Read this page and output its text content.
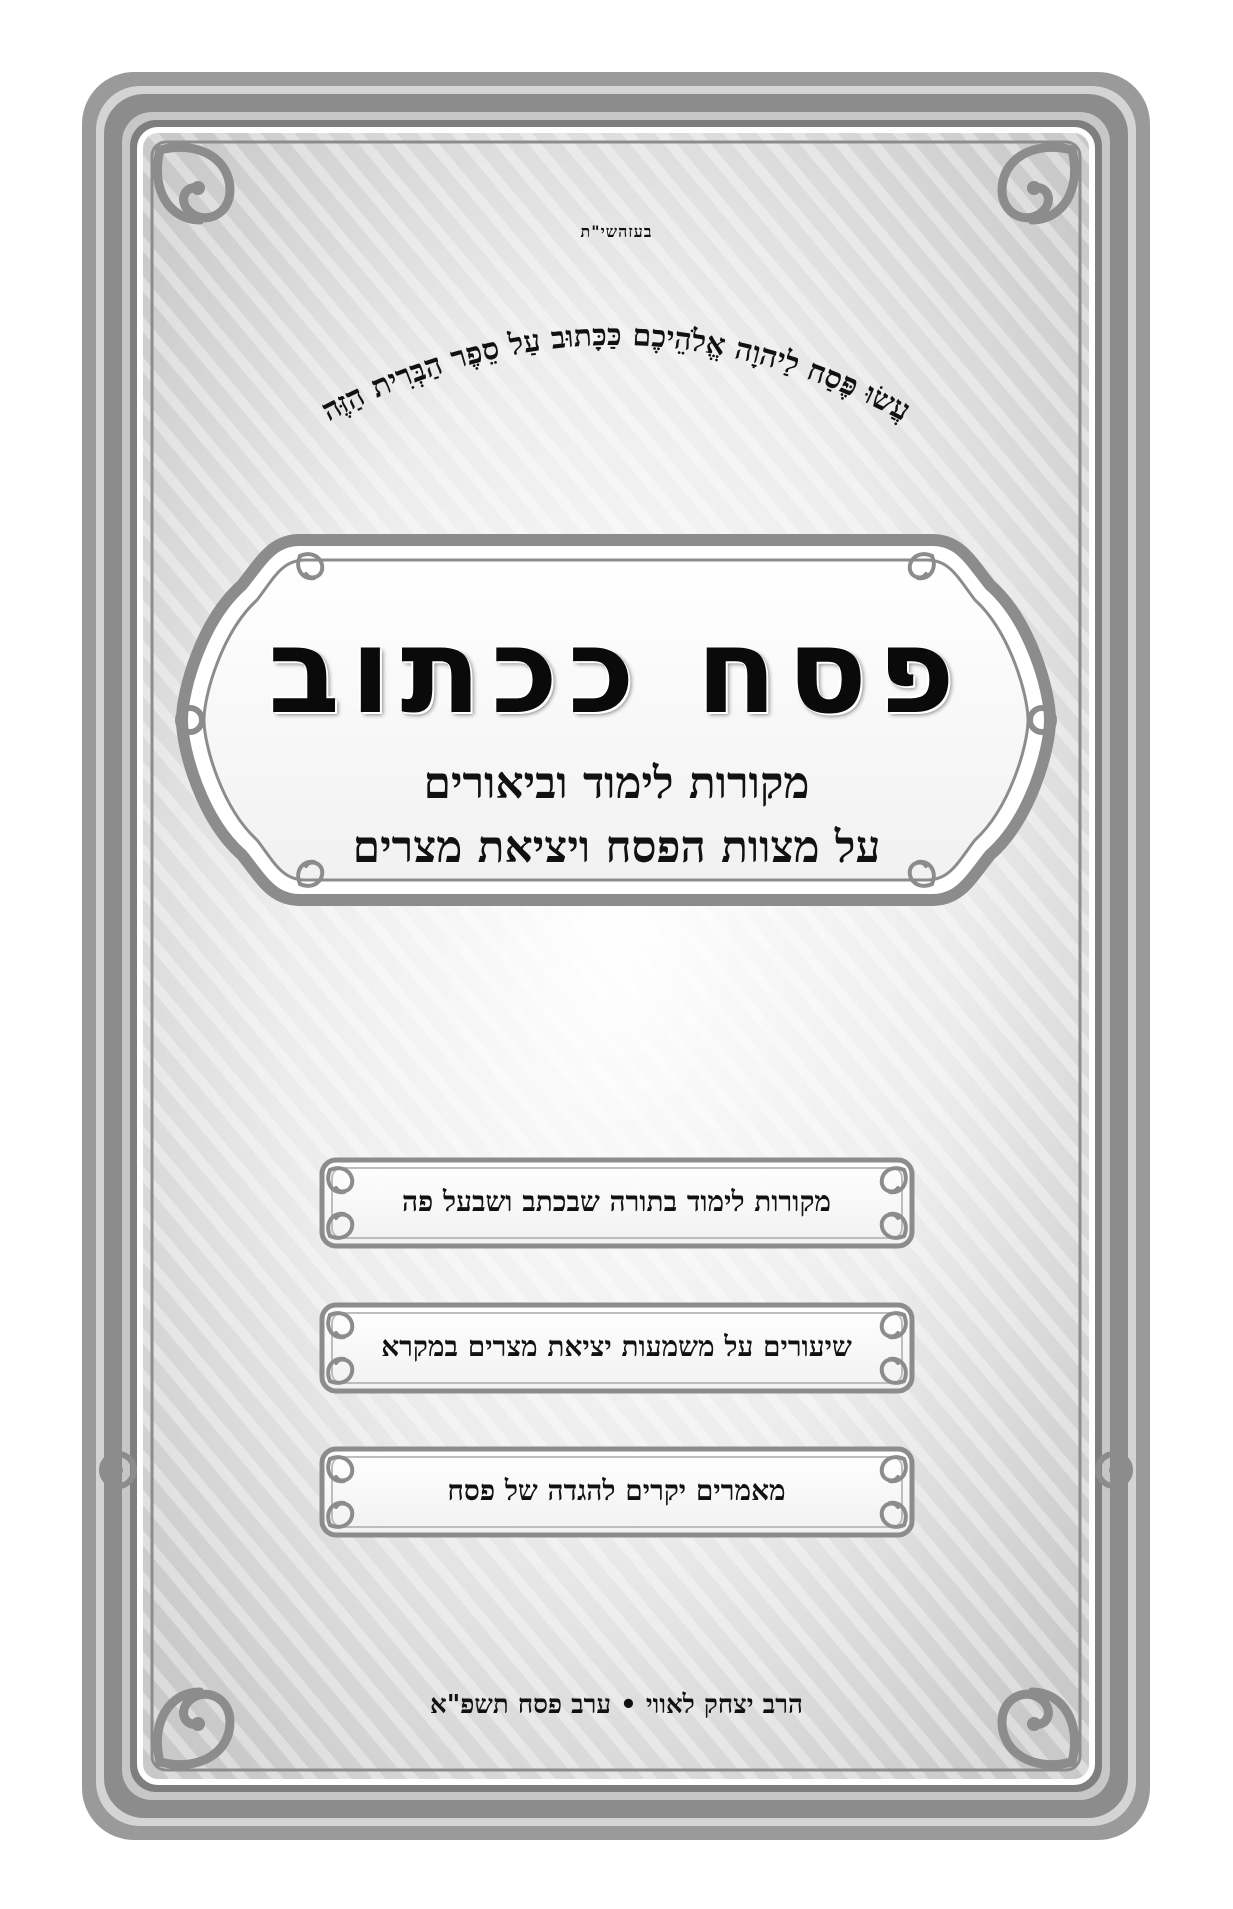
עֲשׂוּ פֶּסַח לַיהוָה אֱלֹהֵיכֶם כַּכָּתוּב עַל סֵפֶר הַבְּרִית הַזֶּה
בעזהשי"ת
פסח ככתוב
מקורות לימוד וביאורים
על מצוות הפסח ויציאת מצרים
מקורות לימוד בתורה שבכתב ושבעל פה
שיעורים על משמעות יציאת מצרים במקרא
מאמרים יקרים להגדה של פסח
הרב יצחק לאווי • ערב פסח תשפ"א
